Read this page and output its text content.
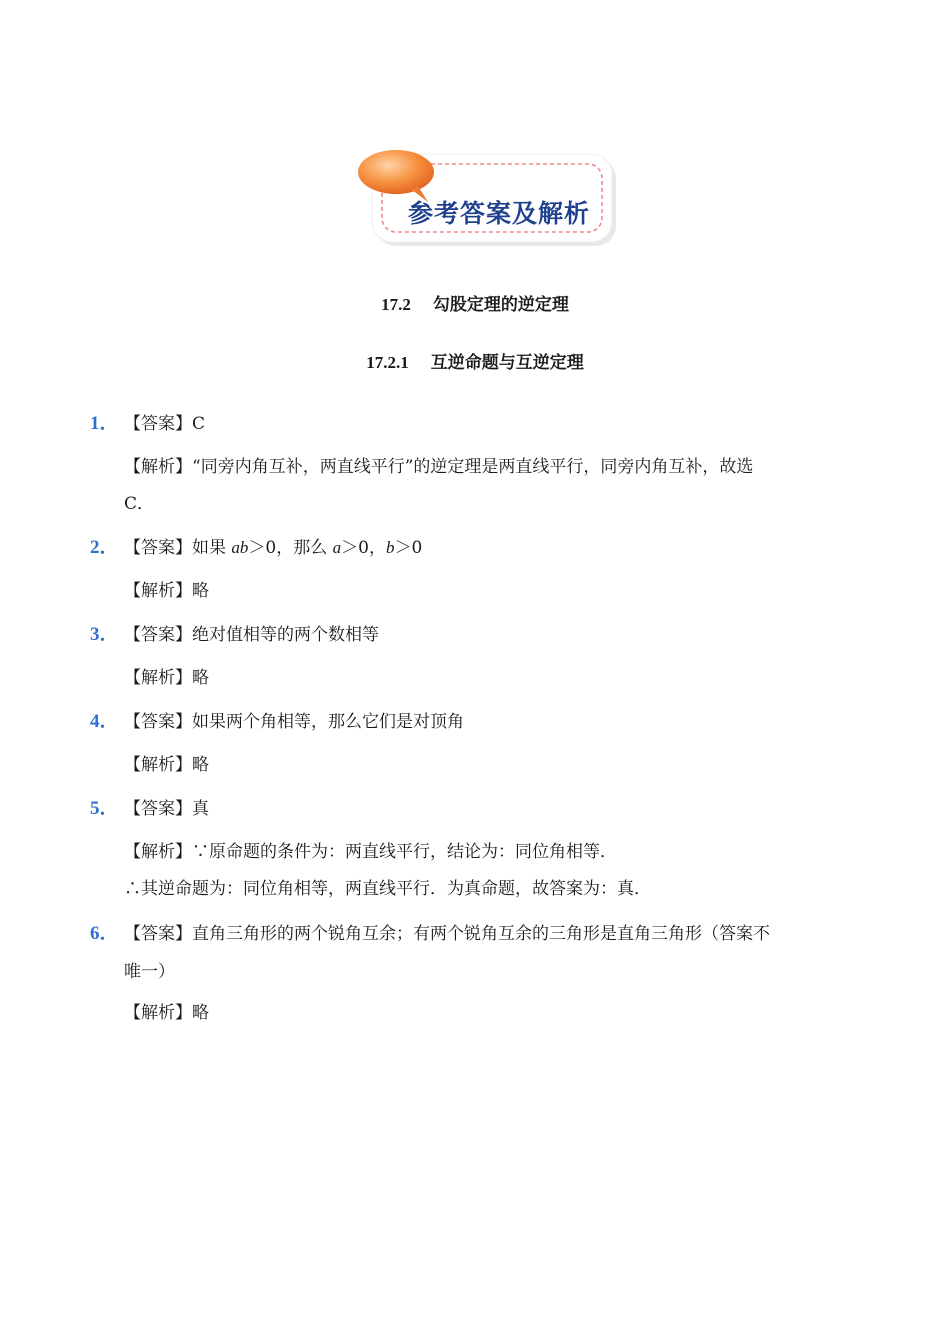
参考答案及解析
17.2 勾股定理的逆定理
17.2.1 互逆命题与互逆定理
1． 【答案】C
【解析】“同旁内角互补，两直线平行”的逆定理是两直线平行，同旁内角互补，故选
C．
2． 【答案】如果 ab＞0，那么 a＞0，b＞0
【解析】略
3． 【答案】绝对值相等的两个数相等
【解析】略
4． 【答案】如果两个角相等，那么它们是对顶角
【解析】略
5． 【答案】真
【解析】∵原命题的条件为：两直线平行，结论为：同位角相等．
∴其逆命题为：同位角相等，两直线平行．为真命题，故答案为：真．
6． 【答案】直角三角形的两个锐角互余；有两个锐角互余的三角形是直角三角形（答案不
唯一）
【解析】略
